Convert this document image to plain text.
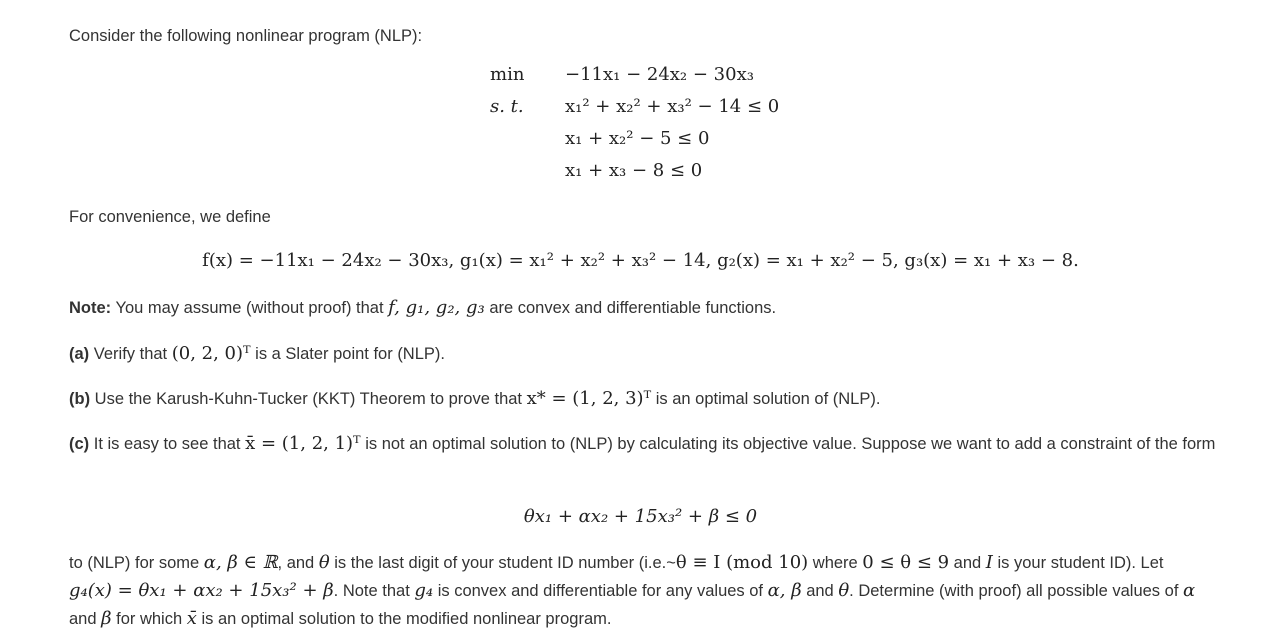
Consider the following nonlinear program (NLP):
min
s. t.
−11x₁ − 24x₂ − 30x₃
x₁² + x₂² + x₃² − 14 ≤ 0
x₁ + x₂² − 5 ≤ 0
x₁ + x₃ − 8 ≤ 0
For convenience, we define
f(x) = −11x₁ − 24x₂ − 30x₃, g₁(x) = x₁² + x₂² + x₃² − 14, g₂(x) = x₁ + x₂² − 5, g₃(x) = x₁ + x₃ − 8.
Note: You may assume (without proof) that f, g₁, g₂, g₃ are convex and differentiable functions.
(a) Verify that (0, 2, 0)ᵀ is a Slater point for (NLP).
(b) Use the Karush-Kuhn-Tucker (KKT) Theorem to prove that x* = (1, 2, 3)ᵀ is an optimal solution of (NLP).
(c) It is easy to see that x̄ = (1, 2, 1)ᵀ is not an optimal solution to (NLP) by calculating its objective value. Suppose we want to add a constraint of the form
θx₁ + αx₂ + 15x₃² + β ≤ 0
to (NLP) for some α, β ∈ ℝ, and θ is the last digit of your student ID number (i.e.~θ ≡ I (mod 10) where 0 ≤ θ ≤ 9 and I is your student ID). Let g₄(x) = θx₁ + αx₂ + 15x₃² + β. Note that g₄ is convex and differentiable for any values of α, β and θ. Determine (with proof) all possible values of α and β for which x̄ is an optimal solution to the modified nonlinear program.
